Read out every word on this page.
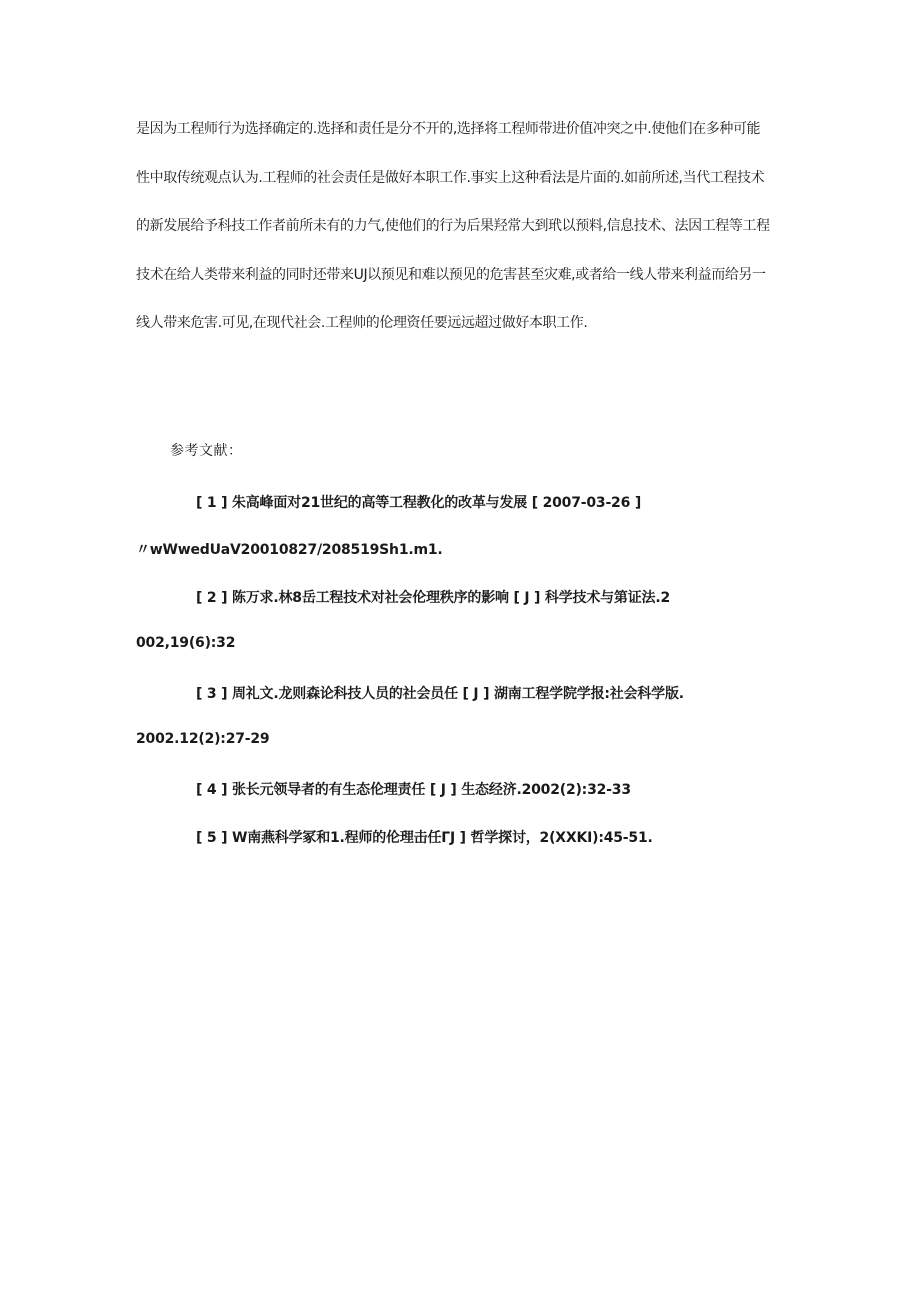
是因为工程师行为选择确定的.选择和责任是分不开的,选择将工程师带进价值冲突之中.使他们在多种可能
性中取传统观点认为.工程师的社会责任是做好本职工作.事实上这种看法是片面的.如前所述,当代工程技术
的新发展给予科技工作者前所未有的力气,使他们的行为后果羟常大到玳以预料,信息技术、法因工程等工程
技术在给人类带来利益的同时还带来UJ以预见和难以预见的危害甚至灾难,或者给一线人带来利益而给另一
线人带来危害.可见,在现代社会.工程帅的伦理资任要远远超过做好本职工作.

参考文献：

[ 1 ] 朱高峰面对21世纪的高等工程教化的改革与发展 [ 2007-03-26 ]

〃wWwedUaV20010827/208519Sh1.m1.

[ 2 ] 陈万求.林8岳工程技术对社会伦理秩序的影响 [ J ] 科学技术与第证法.2

002,19(6):32

[ 3 ] 周礼文.龙则森论科技人员的社会员任 [ J ] 湖南工程学院学报:社会科学版.

2002.12(2):27-29

[ 4 ] 张长元领导者的有生态伦理责任 [ J ] 生态经济.2002(2):32-33

[ 5 ] W南燕科学冢和1.程师的伦理击任ΓJ ] 哲学探讨，2(XXKI):45-51.
